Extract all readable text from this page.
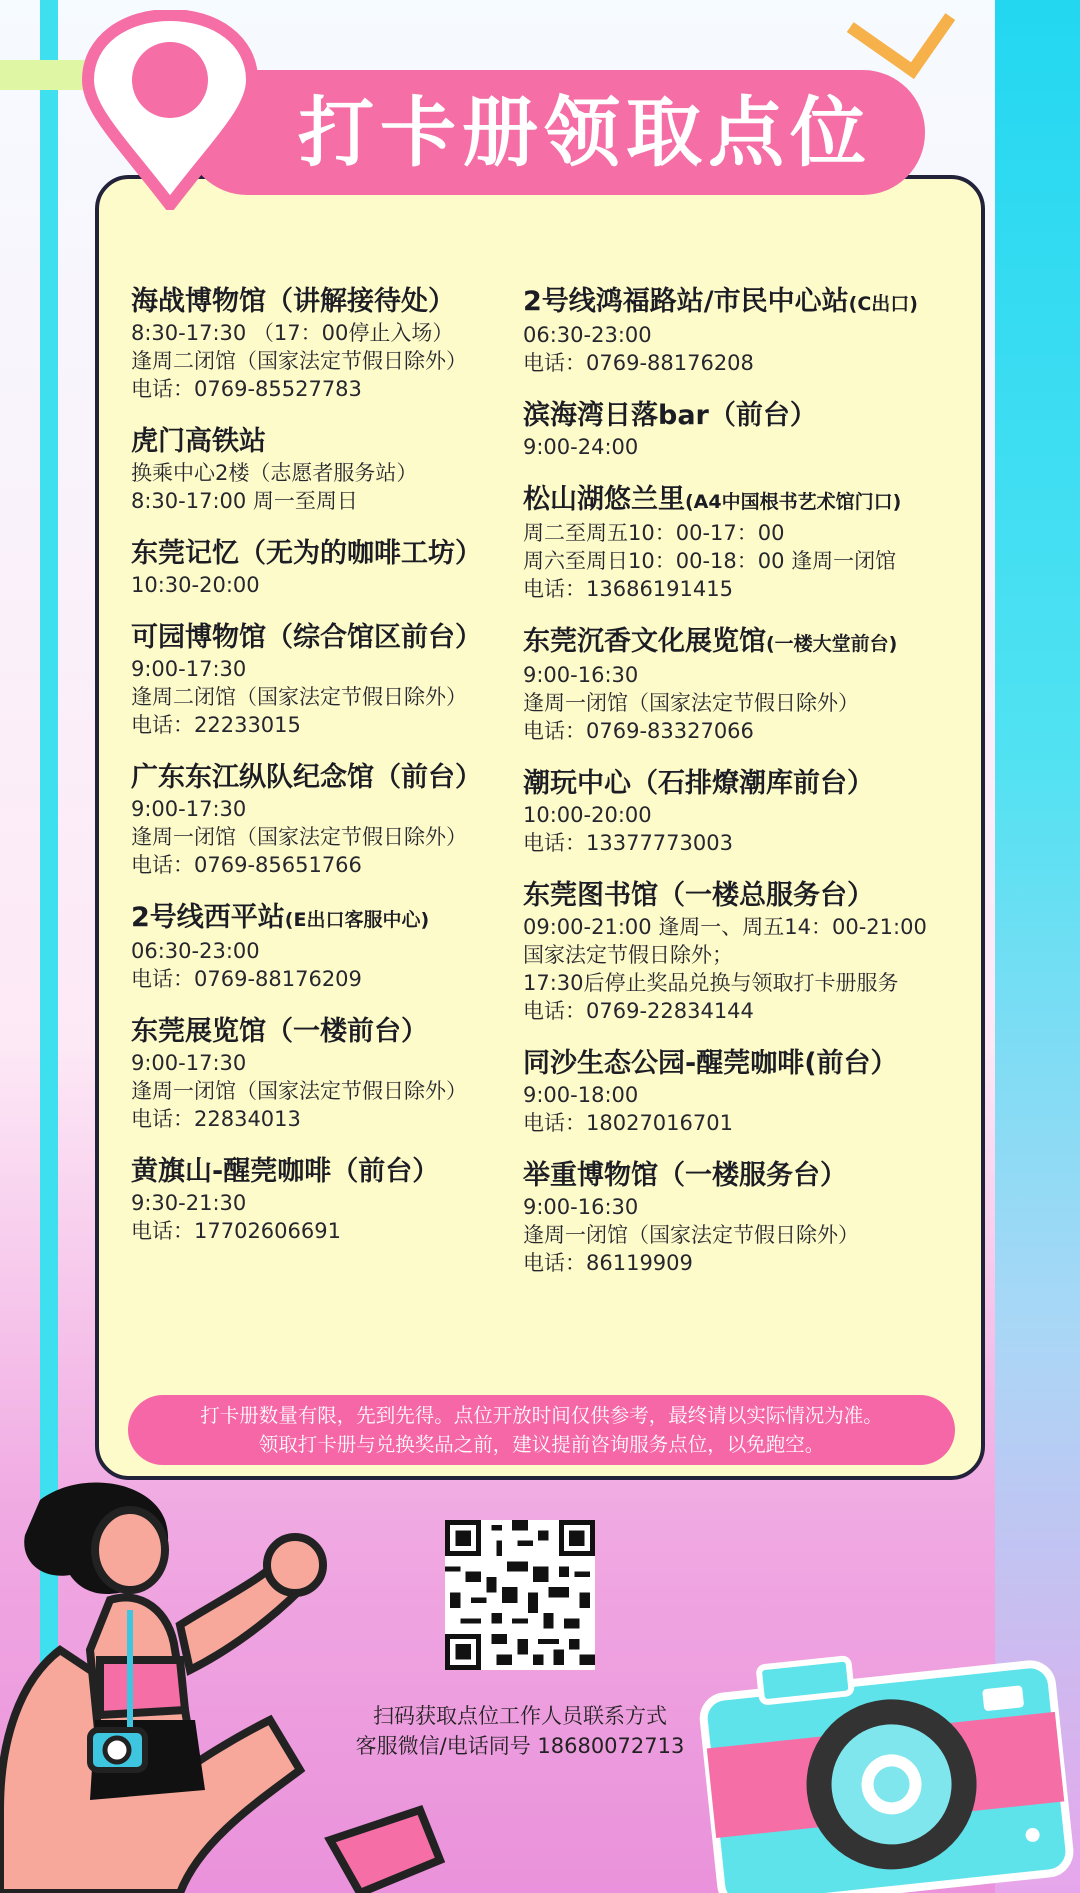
打卡册领取点位
海战博物馆（讲解接待处）
8:30-17:30 （17：00停止入场）
逢周二闭馆（国家法定节假日除外）
电话：0769-85527783
虎门高铁站
换乘中心2楼（志愿者服务站）
8:30-17:00 周一至周日
东莞记忆（无为的咖啡工坊）
10:30-20:00
可园博物馆（综合馆区前台）
9:00-17:30
逢周二闭馆（国家法定节假日除外）
电话：22233015
广东东江纵队纪念馆（前台）
9:00-17:30
逢周一闭馆（国家法定节假日除外）
电话：0769-85651766
2号线西平站(E出口客服中心)
06:30-23:00
电话：0769-88176209
东莞展览馆（一楼前台）
9:00-17:30
逢周一闭馆（国家法定节假日除外）
电话：22834013
黄旗山-醒莞咖啡（前台）
9:30-21:30
电话：17702606691
2号线鸿福路站/市民中心站(C出口)
06:30-23:00
电话：0769-88176208
滨海湾日落bar（前台）
9:00-24:00
松山湖悠兰里(A4中国根书艺术馆门口)
周二至周五10：00-17：00
周六至周日10：00-18：00 逢周一闭馆
电话：13686191415
东莞沉香文化展览馆(一楼大堂前台)
9:00-16:30
逢周一闭馆（国家法定节假日除外）
电话：0769-83327066
潮玩中心（石排燎潮库前台）
10:00-20:00
电话：13377773003
东莞图书馆（一楼总服务台）
09:00-21:00 逢周一、周五14：00-21:00
国家法定节假日除外；
17:30后停止奖品兑换与领取打卡册服务
电话：0769-22834144
同沙生态公园-醒莞咖啡(前台）
9:00-18:00
电话：18027016701
举重博物馆（一楼服务台）
9:00-16:30
逢周一闭馆（国家法定节假日除外）
电话：86119909
打卡册数量有限，先到先得。点位开放时间仅供参考，最终请以实际情况为准。
领取打卡册与兑换奖品之前，建议提前咨询服务点位，以免跑空。
扫码获取点位工作人员联系方式
客服微信/电话同号 18680072713
